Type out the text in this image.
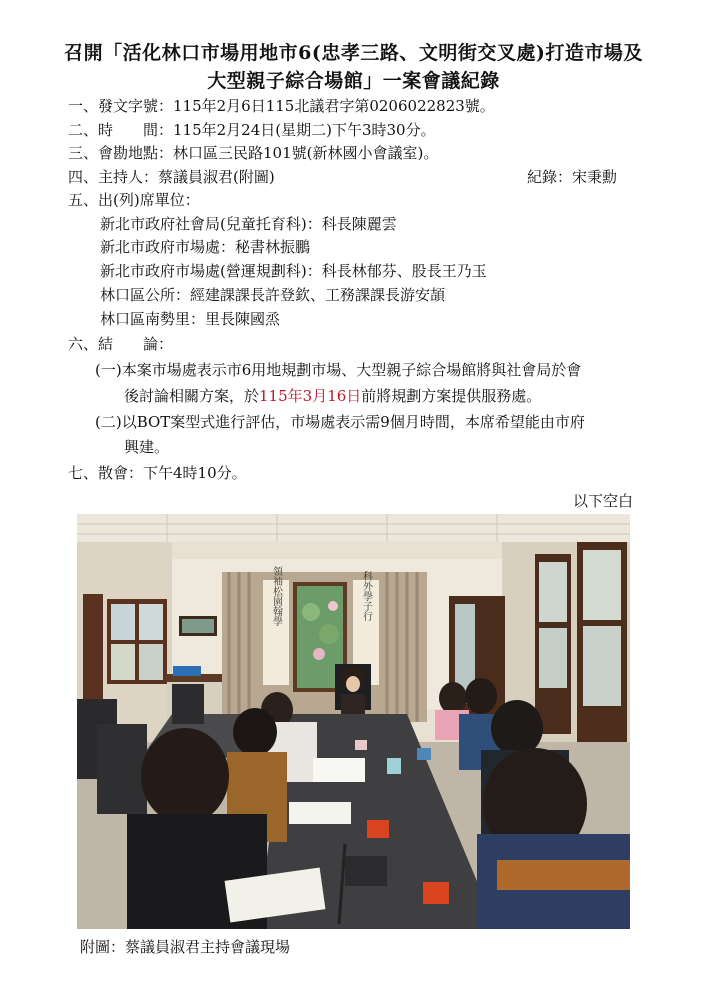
召開「活化林口市場用地市6(忠孝三路、文明街交叉處)打造市場及
大型親子綜合場館」一案會議紀錄
一、發文字號：115年2月6日115北議君字第0206022823號。
二、時　　間：115年2月24日(星期二)下午3時30分。
三、會勘地點：林口區三民路101號(新林國小會議室)。
四、主持人：蔡議員淑君(附圖)	紀錄：宋秉勳
五、出(列)席單位：
新北市政府社會局(兒童托育科)：科長陳麗雲
新北市政府市場處：秘書林振鵬
新北市政府市場處(營運規劃科)：科長林郁芬、股長王乃玉
林口區公所：經建課課長許登欽、工務課課長游安頡
林口區南勢里：里長陳國烝
六、結　　論：
(一)本案市場處表示市6用地規劃市場、大型親子綜合場館將與社會局於會
後討論相關方案，於115年3月16日前將規劃方案提供服務處。
(二)以BOT案型式進行評估，市場處表示需9個月時間，本席希望能由市府
興建。
七、散會：下午4時10分。
以下空白
領袖松園翰學	科外學子行
附圖：蔡議員淑君主持會議現場
